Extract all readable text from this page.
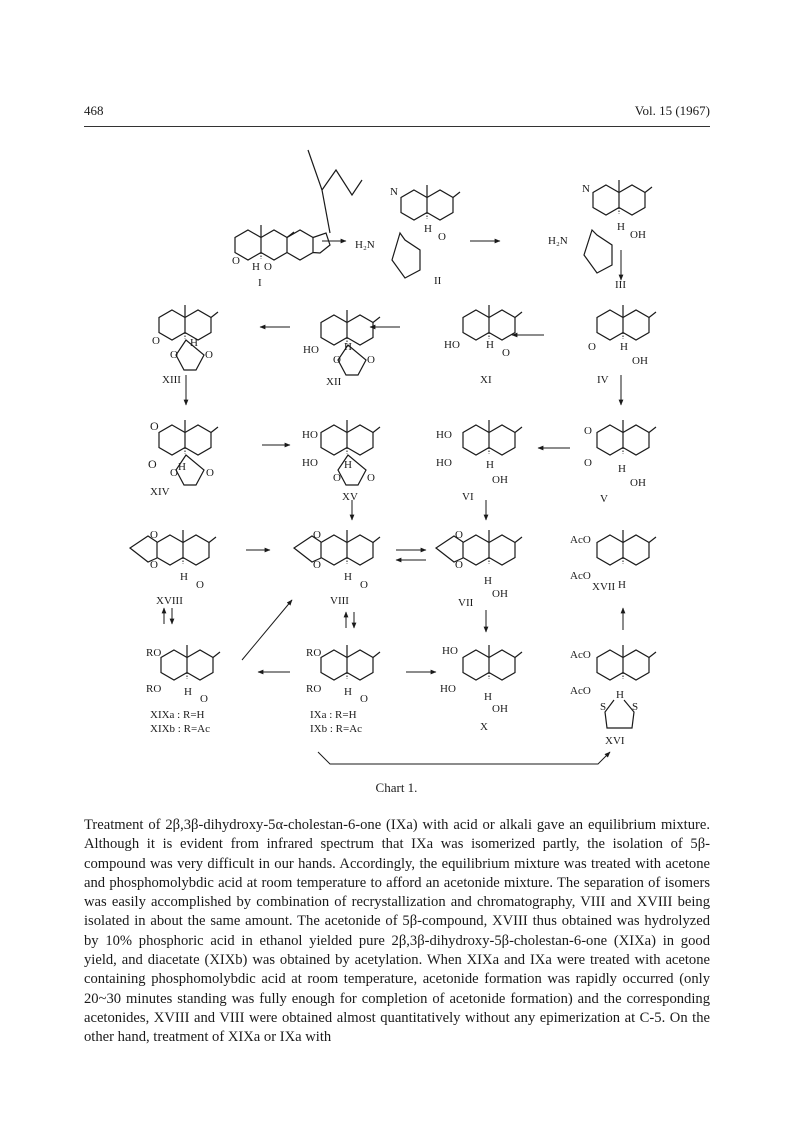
468	Vol. 15 (1967)
O H O
I
N
H₂N
H
O
II
N
H₂N
H
OH
III
O	H
O O
XIII
HO H
O O
XII
HO H
O
XI
O H
OH
IV
O
O H
O	O
XIV
HO
HO H
O O
XV
HO
HO	H
OH
VI
O
O H
OH
V
O
O
H
O
XVIII
O
O
H
O
VIII
O
O
H
OH
VII
AcO
AcO
H
XVII
RO
RO H
O
XIXa : R=H
XIXb : R=Ac
RO
RO H
O
IXa : R=H
IXb : R=Ac
HO
HO
H
OH
X
AcO
AcO H
S S
XVI
Chart 1.

Treatment of 2β,3β-dihydroxy-5α-cholestan-6-one (IXa) with acid or alkali gave an equilibrium mixture. Although it is evident from infrared spectrum that IXa was isomerized partly, the isolation of 5β-compound was very difficult in our hands. Accordingly, the equilibrium mixture was treated with acetone and phosphomolybdic acid at room temperature to afford an acetonide mixture. The separation of isomers was easily accomplished by combination of recrystallization and chromatography, VIII and XVIII being isolated in about the same amount. The acetonide of 5β-compound, XVIII thus obtained was hydrolyzed by 10% phosphoric acid in ethanol yielded pure 2β,3β-dihydroxy-5β-cholestan-6-one (XIXa) in good yield, and diacetate (XIXb) was obtained by acetylation. When XIXa and IXa were treated with acetone containing phosphomolybdic acid at room temperature, acetonide formation was rapidly occurred (only 20~30 minutes standing was fully enough for completion of acetonide formation) and the corresponding acetonides, XVIII and VIII were obtained almost quantitatively without any epimerization at C-5. On the other hand, treatment of XIXa or IXa with
